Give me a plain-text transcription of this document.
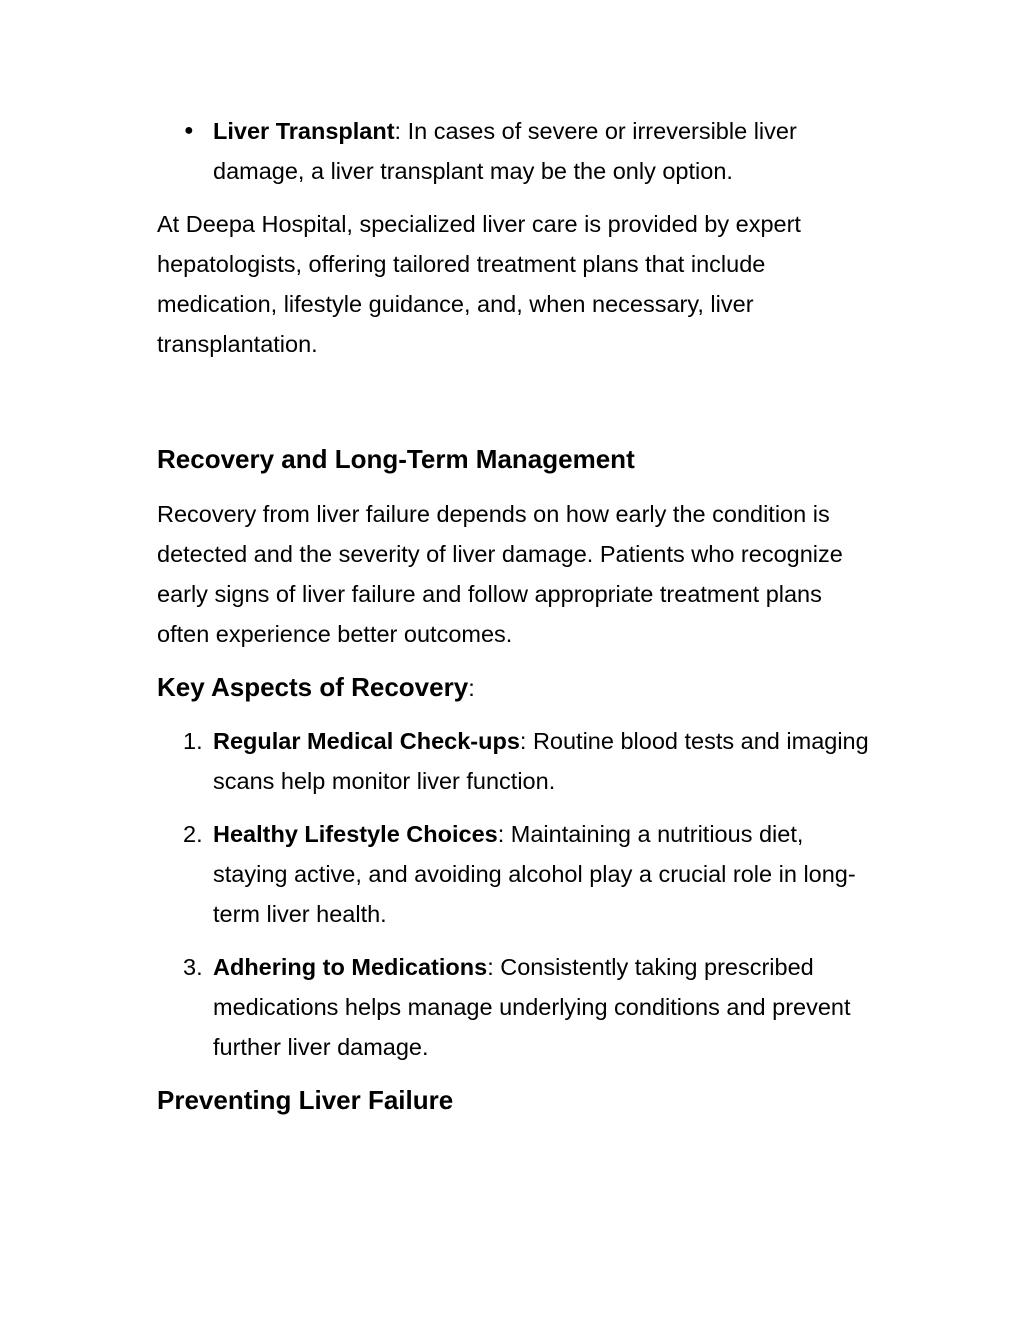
● Liver Transplant: In cases of severe or irreversible liver damage, a liver transplant may be the only option.

At Deepa Hospital, specialized liver care is provided by expert hepatologists, offering tailored treatment plans that include medication, lifestyle guidance, and, when necessary, liver transplantation.

Recovery and Long-Term Management

Recovery from liver failure depends on how early the condition is detected and the severity of liver damage. Patients who recognize early signs of liver failure and follow appropriate treatment plans often experience better outcomes.

Key Aspects of Recovery:
1. Regular Medical Check-ups: Routine blood tests and imaging scans help monitor liver function.
2. Healthy Lifestyle Choices: Maintaining a nutritious diet, staying active, and avoiding alcohol play a crucial role in long-term liver health.
3. Adhering to Medications: Consistently taking prescribed medications helps manage underlying conditions and prevent further liver damage.
Preventing Liver Failure
